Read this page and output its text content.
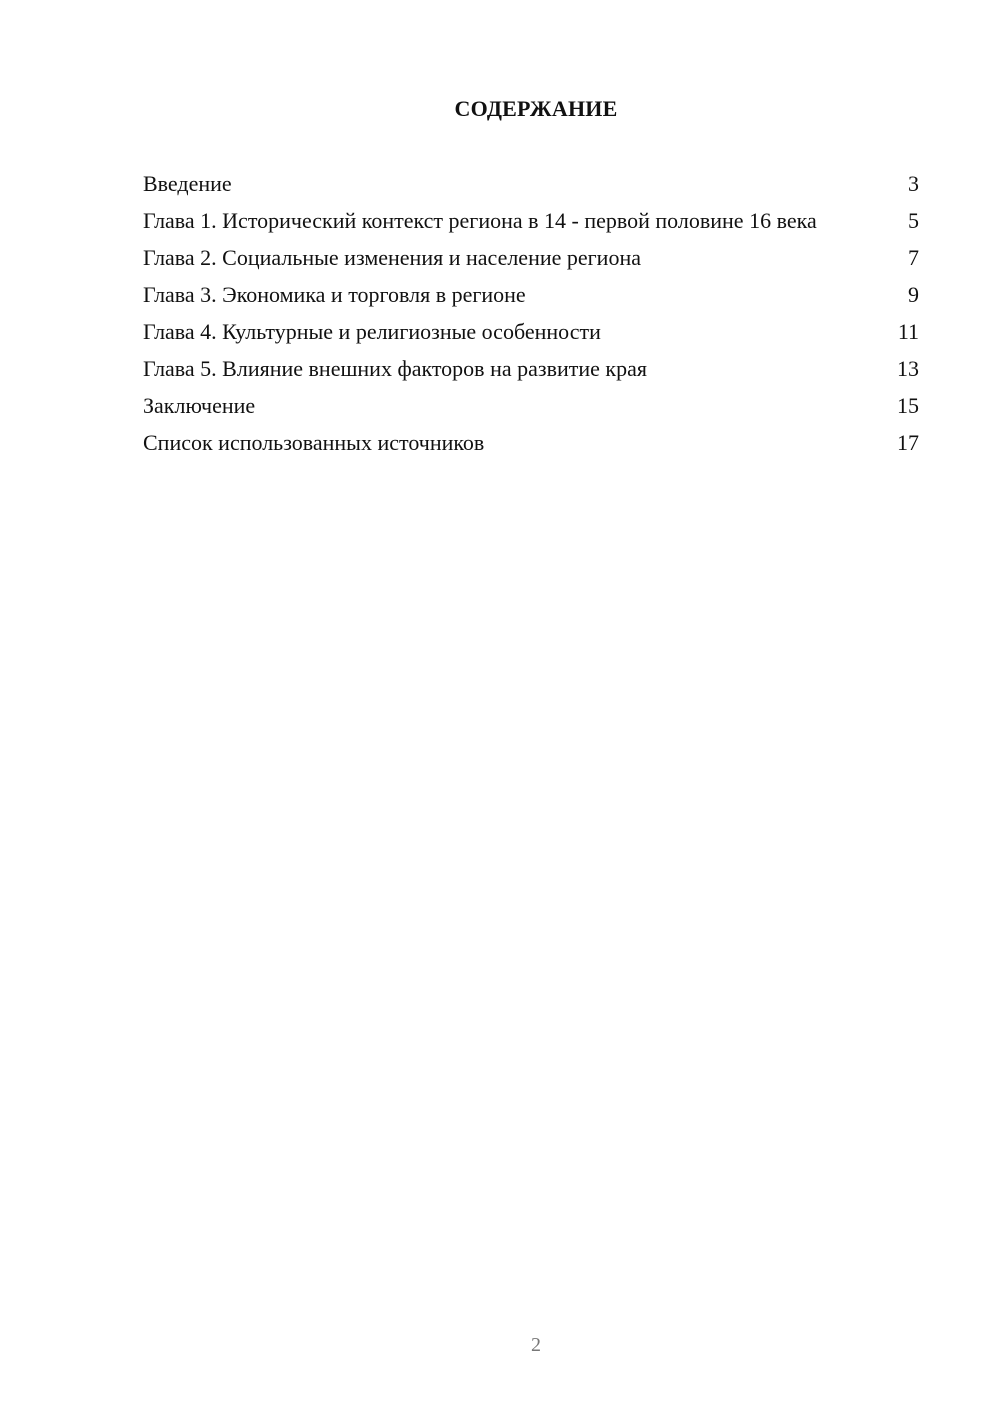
СОДЕРЖАНИЕ
Введение	3
Глава 1. Исторический контекст региона в 14 - первой половине 16 века	5
Глава 2. Социальные изменения и население региона	7
Глава 3. Экономика и торговля в регионе	9
Глава 4. Культурные и религиозные особенности	11
Глава 5. Влияние внешних факторов на развитие края	13
Заключение	15
Список использованных источников	17
2
